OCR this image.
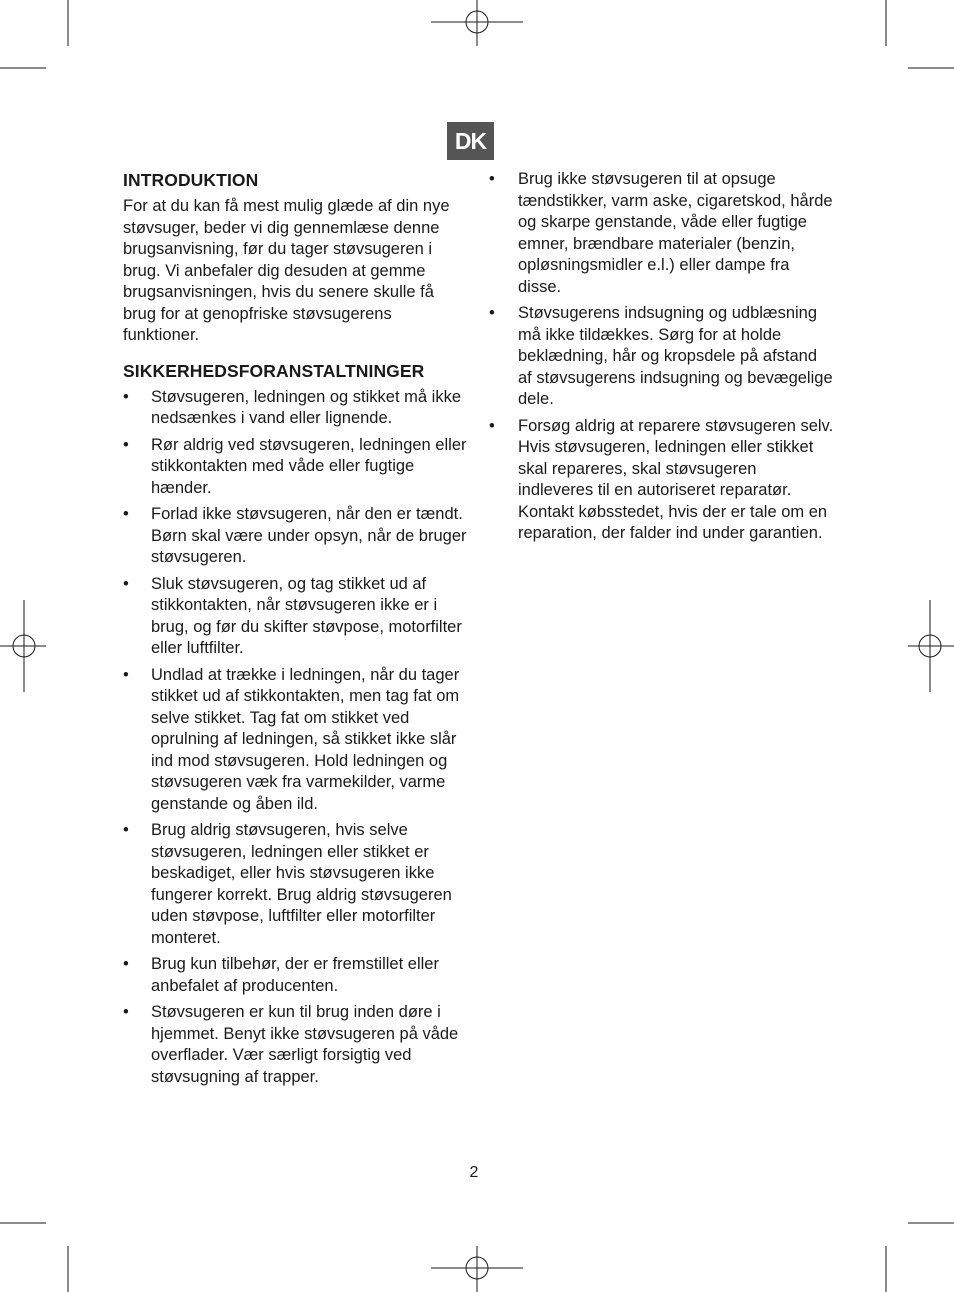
DK
INTRODUKTION
For at du kan få mest mulig glæde af din nye støvsuger, beder vi dig gennemlæse denne brugsanvisning, før du tager støvsugeren i brug. Vi anbefaler dig desuden at gemme brugsanvisningen, hvis du senere skulle få brug for at genopfriske støvsugerens funktioner.
SIKKERHEDSFORANSTALTNINGER
• Støvsugeren, ledningen og stikket må ikke nedsænkes i vand eller lignende.
• Rør aldrig ved støvsugeren, ledningen eller stikkontakten med våde eller fugtige hænder.
• Forlad ikke støvsugeren, når den er tændt. Børn skal være under opsyn, når de bruger støvsugeren.
• Sluk støvsugeren, og tag stikket ud af stikkontakten, når støvsugeren ikke er i brug, og før du skifter støvpose, motorfilter eller luftfilter.
• Undlad at trække i ledningen, når du tager stikket ud af stikkontakten, men tag fat om selve stikket. Tag fat om stikket ved oprulning af ledningen, så stikket ikke slår ind mod støvsugeren. Hold ledningen og støvsugeren væk fra varmekilder, varme genstande og åben ild.
• Brug aldrig støvsugeren, hvis selve støvsugeren, ledningen eller stikket er beskadiget, eller hvis støvsugeren ikke fungerer korrekt. Brug aldrig støvsugeren uden støvpose, luftfilter eller motorfilter monteret.
• Brug kun tilbehør, der er fremstillet eller anbefalet af producenten.
• Støvsugeren er kun til brug inden døre i hjemmet. Benyt ikke støvsugeren på våde overflader. Vær særligt forsigtig ved støvsugning af trapper.
• Brug ikke støvsugeren til at opsuge tændstikker, varm aske, cigaretskod, hårde og skarpe genstande, våde eller fugtige emner, brændbare materialer (benzin, opløsningsmidler e.l.) eller dampe fra disse.
• Støvsugerens indsugning og udblæsning må ikke tildækkes. Sørg for at holde beklædning, hår og kropsdele på afstand af støvsugerens indsugning og bevægelige dele.
• Forsøg aldrig at reparere støvsugeren selv. Hvis støvsugeren, ledningen eller stikket skal repareres, skal støvsugeren indleveres til en autoriseret reparatør. Kontakt købsstedet, hvis der er tale om en reparation, der falder ind under garantien.
2
